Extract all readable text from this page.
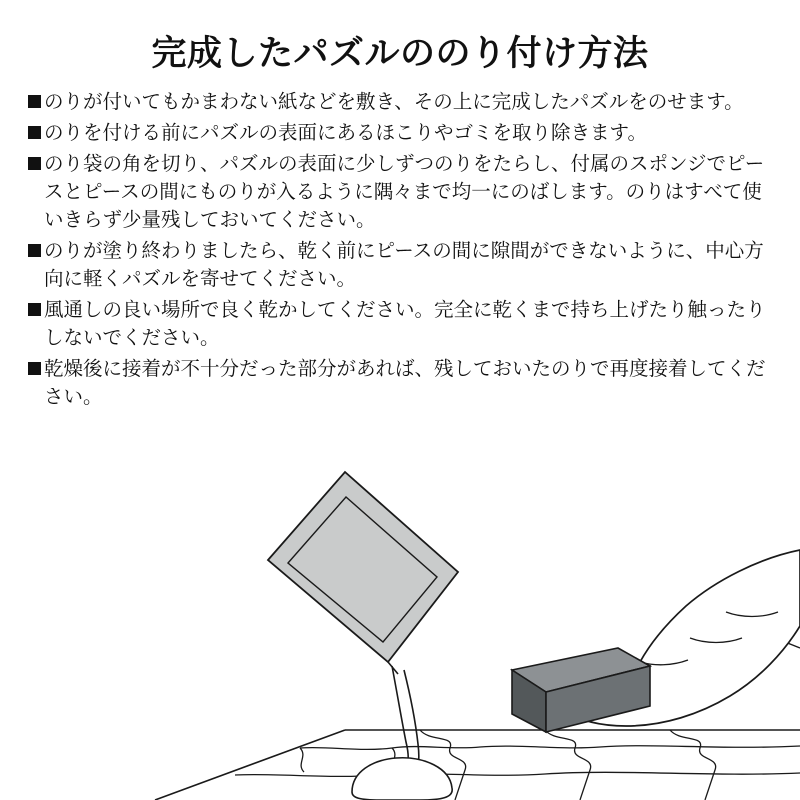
完成したパズルののり付け方法
のりが付いてもかまわない紙などを敷き、その上に完成したパズルをのせます。
のりを付ける前にパズルの表面にあるほこりやゴミを取り除きます。
のり袋の角を切り、パズルの表面に少しずつのりをたらし、付属のスポンジでピースとピースの間にものりが入るように隅々まで均一にのばします。のりはすべて使いきらず少量残しておいてください。
のりが塗り終わりましたら、乾く前にピースの間に隙間ができないように、中心方向に軽くパズルを寄せてください。
風通しの良い場所で良く乾かしてください。完全に乾くまで持ち上げたり触ったりしないでください。
乾燥後に接着が不十分だった部分があれば、残しておいたのりで再度接着してください。
